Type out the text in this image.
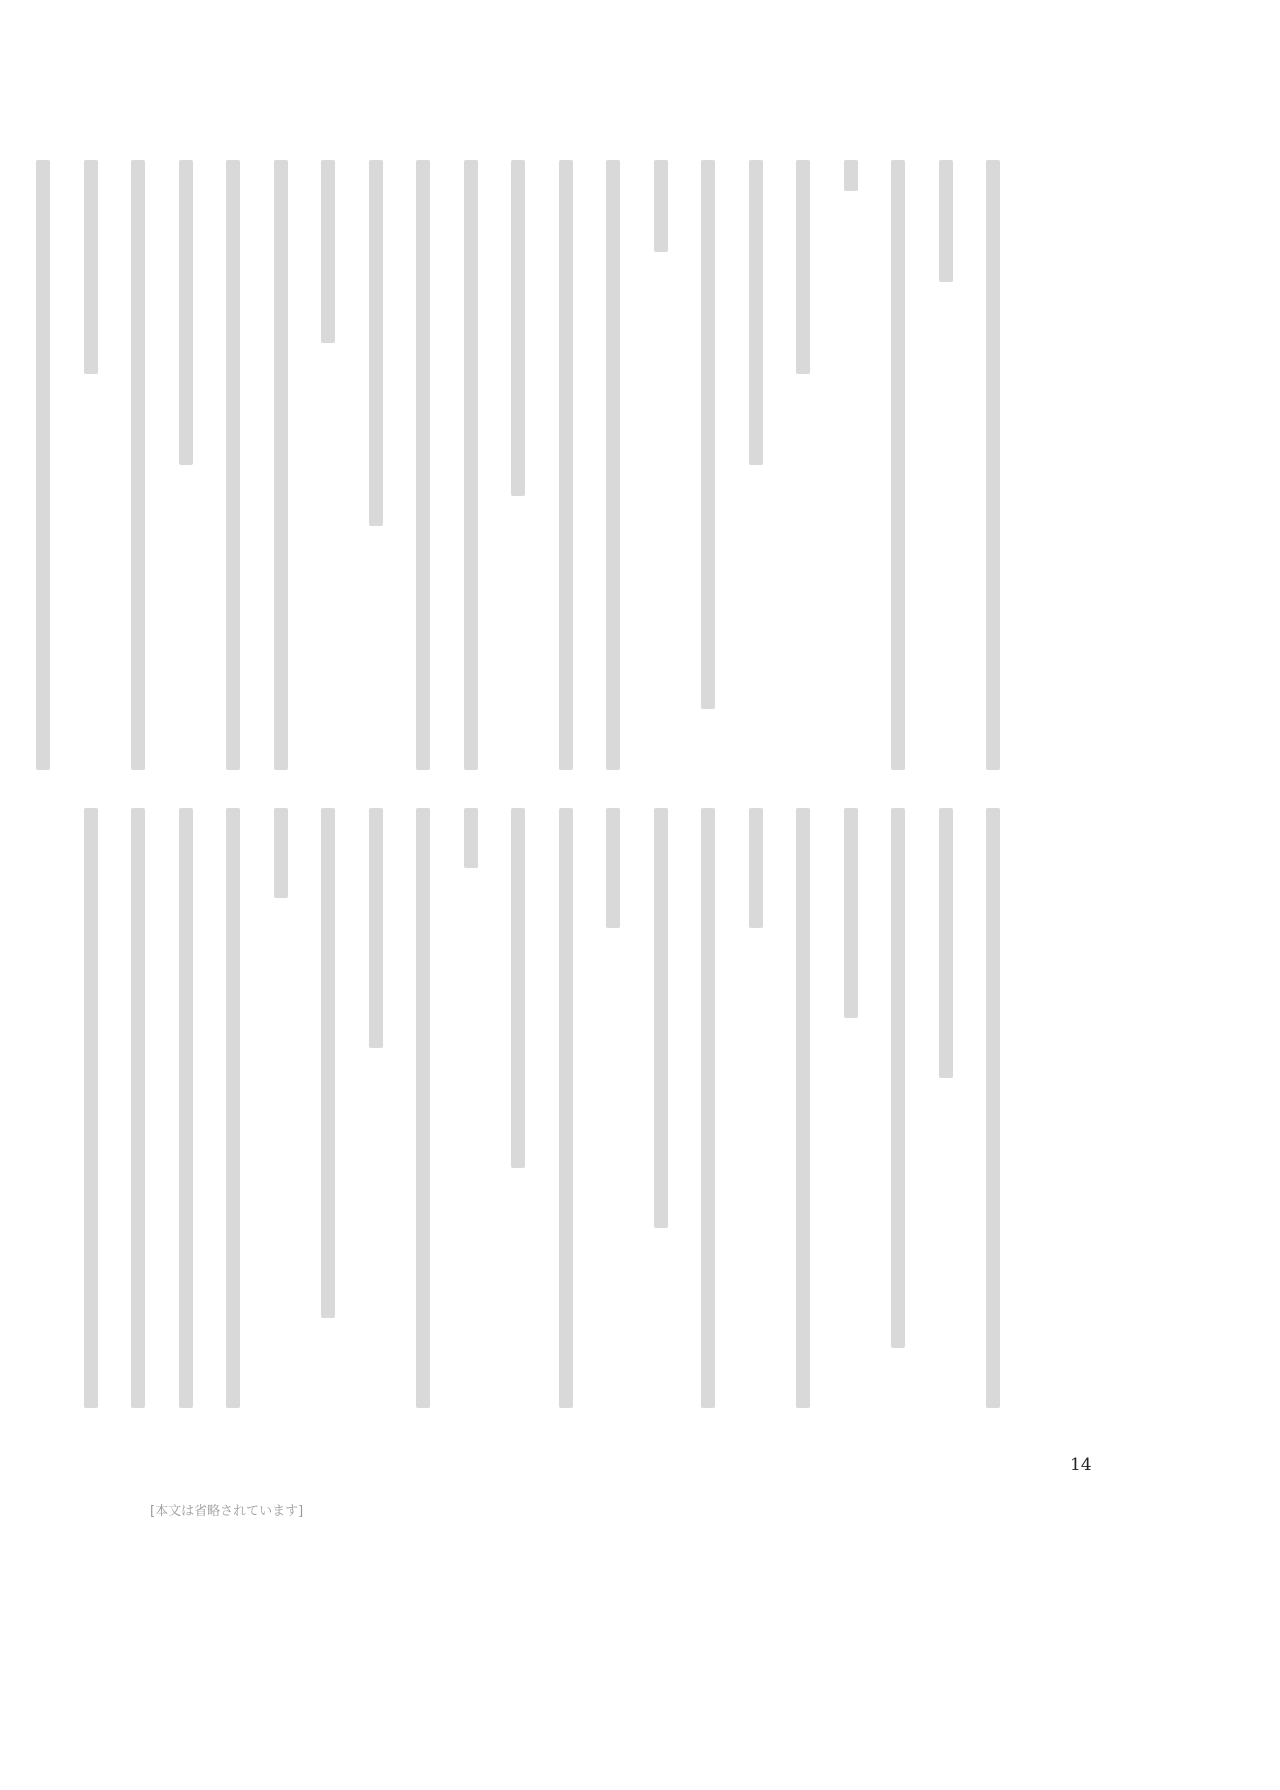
14
[本文は省略されています]
